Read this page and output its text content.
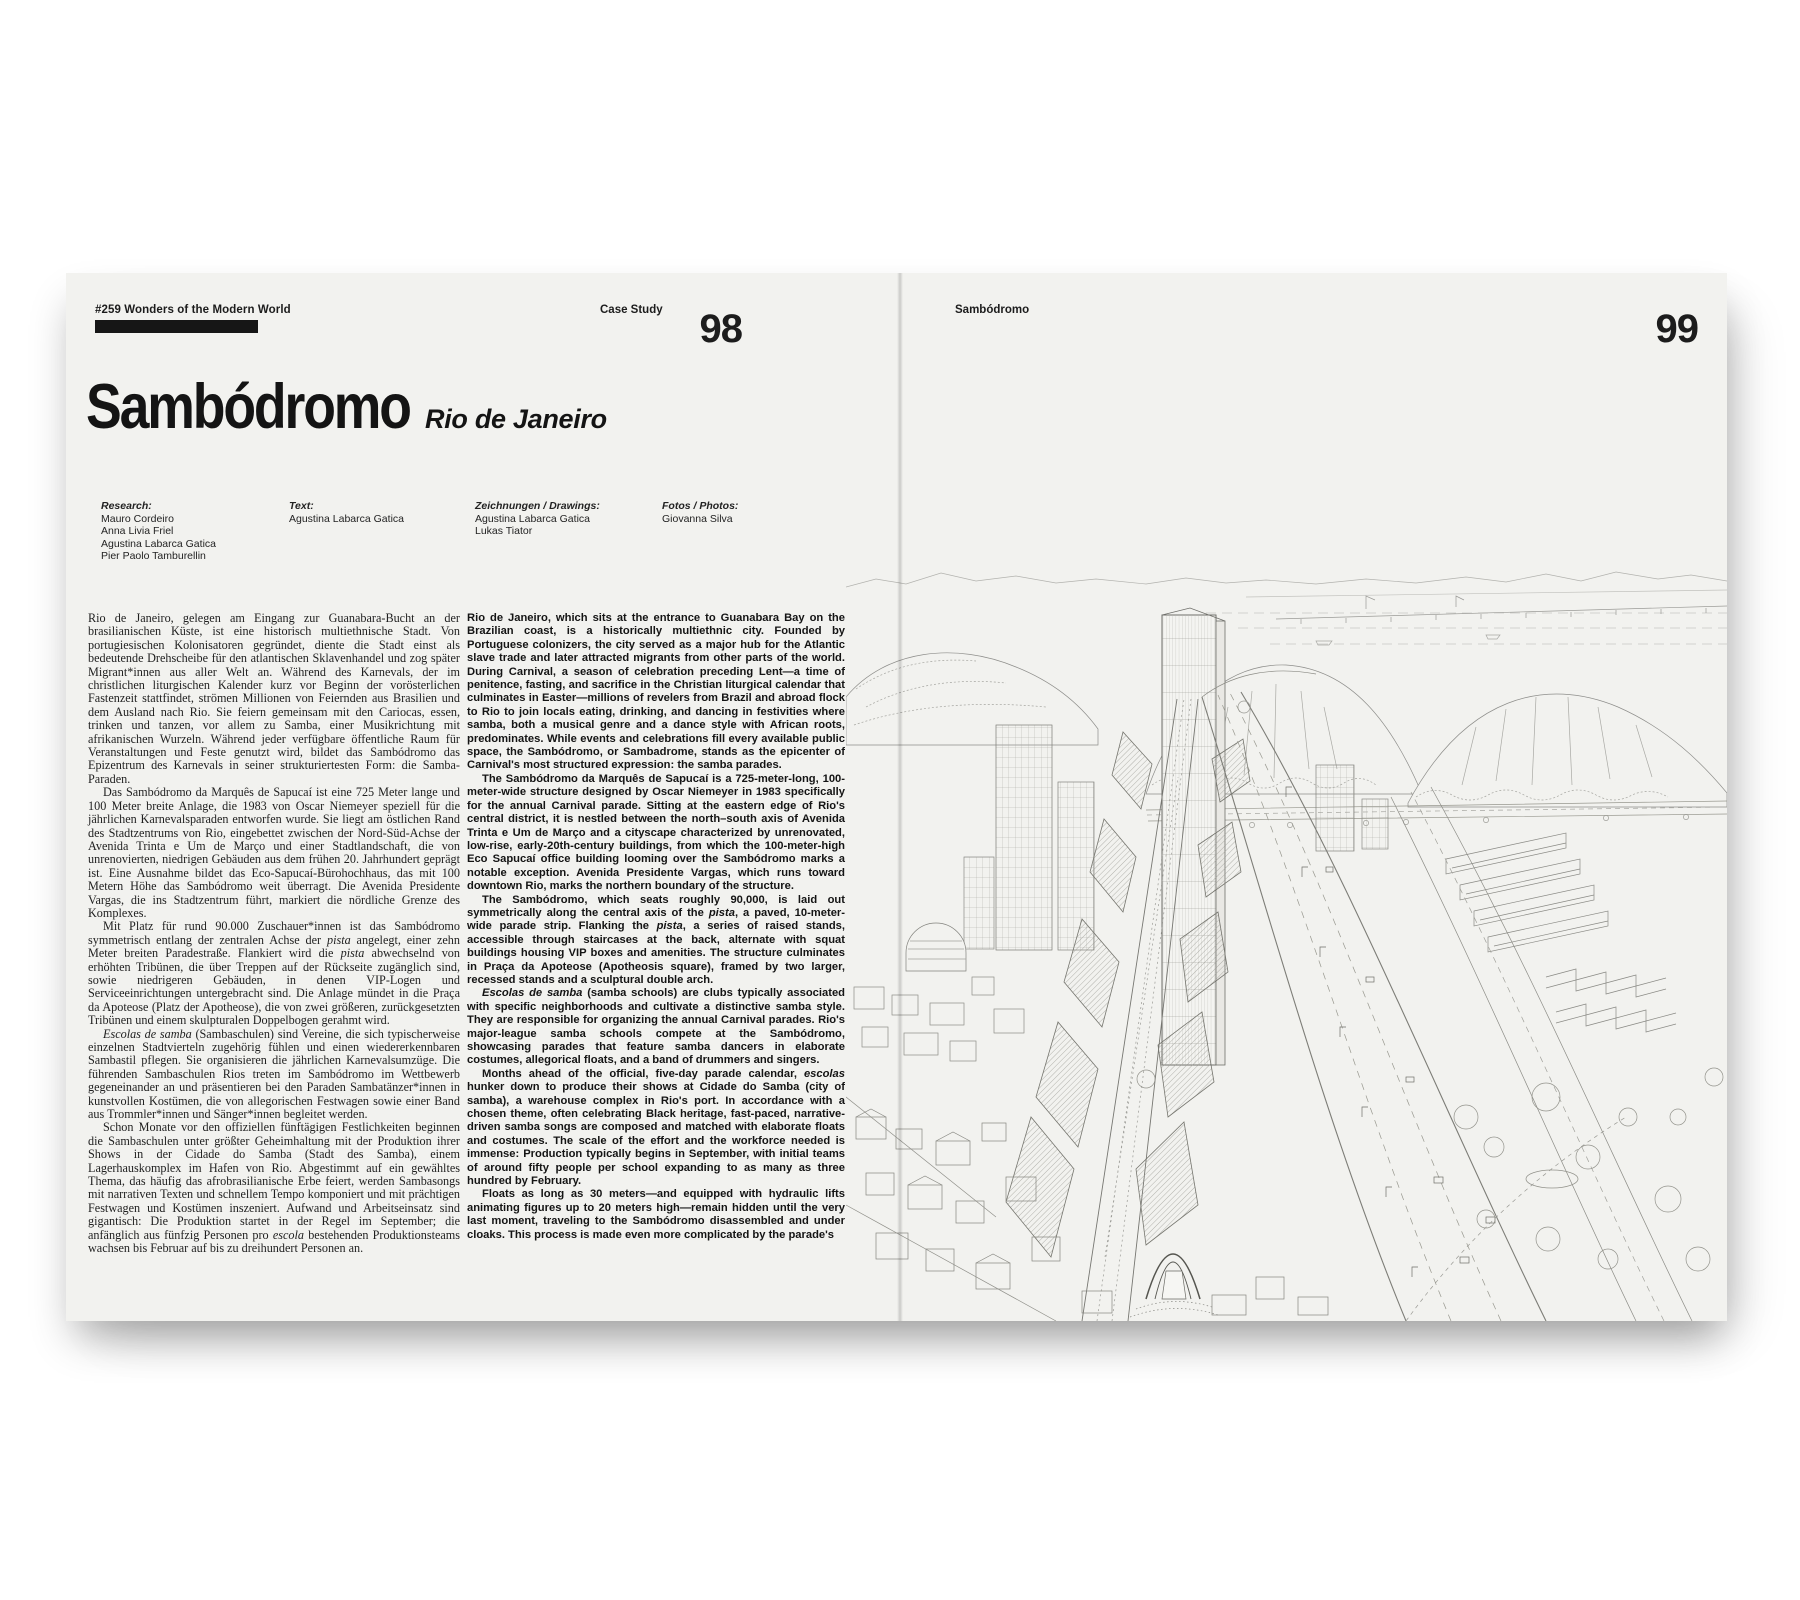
#259 Wonders of the Modern World	Case Study 98	Sambódromo	99
Sambódromo Rio de Janeiro
Research:
Mauro Cordeiro
Anna Livia Friel
Agustina Labarca Gatica
Pier Paolo Tamburellin
Text:
Agustina Labarca Gatica
Zeichnungen / Drawings:
Agustina Labarca Gatica
Lukas Tiator
Fotos / Photos:
Giovanna Silva

Rio de Janeiro, gelegen am Eingang zur Guanabara-Bucht an der brasilianischen Küste, ist eine historisch multiethnische Stadt. Von portugiesischen Kolonisatoren gegründet, diente die Stadt einst als bedeutende Drehscheibe für den atlantischen Sklavenhandel und zog später Migrant*innen aus aller Welt an. Während des Karnevals, der im christlichen liturgischen Kalender kurz vor Beginn der vorösterlichen Fastenzeit stattfindet, strömen Millionen von Feiernden aus Brasilien und dem Ausland nach Rio. Sie feiern gemeinsam mit den Cariocas, essen, trinken und tanzen, vor allem zu Samba, einer Musikrichtung mit afrikanischen Wurzeln. Während jeder verfügbare öffentliche Raum für Veranstaltungen und Feste genutzt wird, bildet das Sambódromo das Epizentrum des Karnevals in seiner strukturiertesten Form: die Samba-Paraden.

Das Sambódromo da Marquês de Sapucaí ist eine 725 Meter lange und 100 Meter breite Anlage, die 1983 von Oscar Niemeyer speziell für die jährlichen Karnevalsparaden entworfen wurde. Sie liegt am östlichen Rand des Stadtzentrums von Rio, eingebettet zwischen der Nord-Süd-Achse der Avenida Trinta e Um de Março und einer Stadtlandschaft, die von unrenovierten, niedrigen Gebäuden aus dem frühen 20. Jahrhundert geprägt ist. Eine Ausnahme bildet das Eco-Sapucaí-Bürohochhaus, das mit 100 Metern Höhe das Sambódromo weit überragt. Die Avenida Presidente Vargas, die ins Stadtzentrum führt, markiert die nördliche Grenze des Komplexes.

Mit Platz für rund 90.000 Zuschauer*innen ist das Sambódromo symmetrisch entlang der zentralen Achse der pista angelegt, einer zehn Meter breiten Paradestraße. Flankiert wird die pista abwechselnd von erhöhten Tribünen, die über Treppen auf der Rückseite zugänglich sind, sowie niedrigeren Gebäuden, in denen VIP-Logen und Serviceeinrichtungen untergebracht sind. Die Anlage mündet in die Praça da Apoteose (Platz der Apotheose), die von zwei größeren, zurückgesetzten Tribünen und einem skulpturalen Doppelbogen gerahmt wird.

Escolas de samba (Sambaschulen) sind Vereine, die sich typischerweise einzelnen Stadtvierteln zugehörig fühlen und einen wiedererkennbaren Sambastil pflegen. Sie organisieren die jährlichen Karnevalsumzüge. Die führenden Sambaschulen Rios treten im Sambódromo im Wettbewerb gegeneinander an und präsentieren bei den Paraden Sambatänzer*innen in kunstvollen Kostümen, die von allegorischen Festwagen sowie einer Band aus Trommler*innen und Sänger*innen begleitet werden.

Schon Monate vor den offiziellen fünftägigen Festlichkeiten beginnen die Sambaschulen unter größter Geheimhaltung mit der Produktion ihrer Shows in der Cidade do Samba (Stadt des Samba), einem Lagerhauskomplex im Hafen von Rio. Abgestimmt auf ein gewähltes Thema, das häufig das afrobrasilianische Erbe feiert, werden Sambasongs mit narrativen Texten und schnellem Tempo komponiert und mit prächtigen Festwagen und Kostümen inszeniert. Aufwand und Arbeitseinsatz sind gigantisch: Die Produktion startet in der Regel im September; die anfänglich aus fünfzig Personen pro escola bestehenden Produktionsteams wachsen bis Februar auf bis zu dreihundert Personen an.

Rio de Janeiro, which sits at the entrance to Guanabara Bay on the Brazilian coast, is a historically multiethnic city. Founded by Portuguese colonizers, the city served as a major hub for the Atlantic slave trade and later attracted migrants from other parts of the world. During Carnival, a season of celebration preceding Lent—a time of penitence, fasting, and sacrifice in the Christian liturgical calendar that culminates in Easter—millions of revelers from Brazil and abroad flock to Rio to join locals eating, drinking, and dancing in festivities where samba, both a musical genre and a dance style with African roots, predominates. While events and celebrations fill every available public space, the Sambódromo, or Sambadrome, stands as the epicenter of Carnival's most structured expression: the samba parades.

The Sambódromo da Marquês de Sapucaí is a 725-meter-long, 100-meter-wide structure designed by Oscar Niemeyer in 1983 specifically for the annual Carnival parade. Sitting at the eastern edge of Rio's central district, it is nestled between the north–south axis of Avenida Trinta e Um de Março and a cityscape characterized by unrenovated, low-rise, early-20th-century buildings, from which the 100-meter-high Eco Sapucaí office building looming over the Sambódromo marks a notable exception. Avenida Presidente Vargas, which runs toward downtown Rio, marks the northern boundary of the structure.

The Sambódromo, which seats roughly 90,000, is laid out symmetrically along the central axis of the pista, a paved, 10-meter-wide parade strip. Flanking the pista, a series of raised stands, accessible through staircases at the back, alternate with squat buildings housing VIP boxes and amenities. The structure culminates in Praça da Apoteose (Apotheosis square), framed by two larger, recessed stands and a sculptural double arch.

Escolas de samba (samba schools) are clubs typically associated with specific neighborhoods and cultivate a distinctive samba style. They are responsible for organizing the annual Carnival parades. Rio's major-league samba schools compete at the Sambódromo, showcasing parades that feature samba dancers in elaborate costumes, allegorical floats, and a band of drummers and singers.

Months ahead of the official, five-day parade calendar, escolas hunker down to produce their shows at Cidade do Samba (city of samba), a warehouse complex in Rio's port. In accordance with a chosen theme, often celebrating Black heritage, fast-paced, narrative-driven samba songs are composed and matched with elaborate floats and costumes. The scale of the effort and the workforce needed is immense: Production typically begins in September, with initial teams of around fifty people per school expanding to as many as three hundred by February.

Floats as long as 30 meters—and equipped with hydraulic lifts animating figures up to 20 meters high—remain hidden until the very last moment, traveling to the Sambódromo disassembled and under cloaks. This process is made even more complicated by the parade's
